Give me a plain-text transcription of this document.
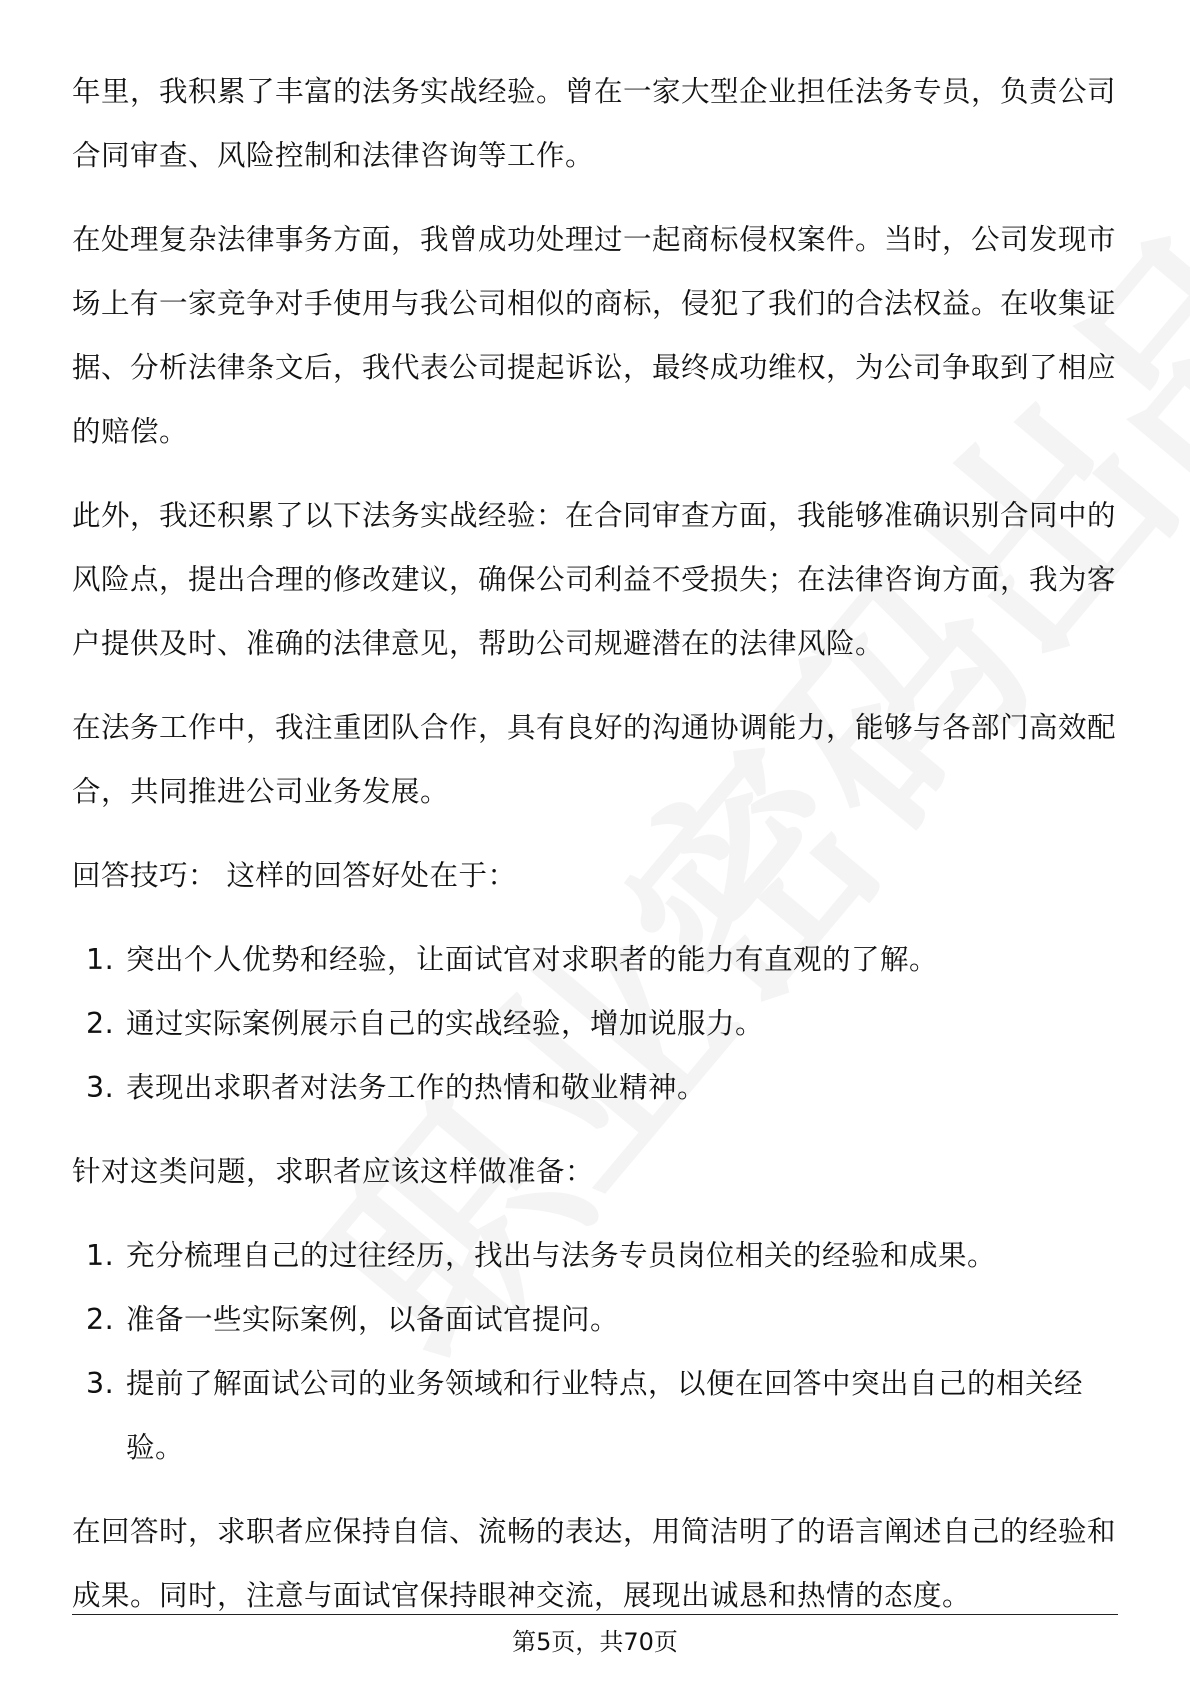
年里，我积累了丰富的法务实战经验。曾在一家大型企业担任法务专员，负责公司合同审查、风险控制和法律咨询等工作。

在处理复杂法律事务方面，我曾成功处理过一起商标侵权案件。当时，公司发现市场上有一家竞争对手使用与我公司相似的商标，侵犯了我们的合法权益。在收集证据、分析法律条文后，我代表公司提起诉讼，最终成功维权，为公司争取到了相应的赔偿。

此外，我还积累了以下法务实战经验：在合同审查方面，我能够准确识别合同中的风险点，提出合理的修改建议，确保公司利益不受损失；在法律咨询方面，我为客户提供及时、准确的法律意见，帮助公司规避潜在的法律风险。

在法务工作中，我注重团队合作，具有良好的沟通协调能力，能够与各部门高效配合，共同推进公司业务发展。

回答技巧： 这样的回答好处在于：

1. 突出个人优势和经验，让面试官对求职者的能力有直观的了解。
2. 通过实际案例展示自己的实战经验，增加说服力。
3. 表现出求职者对法务工作的热情和敬业精神。

针对这类问题，求职者应该这样做准备：

1. 充分梳理自己的过往经历，找出与法务专员岗位相关的经验和成果。
2. 准备一些实际案例，以备面试官提问。
3. 提前了解面试公司的业务领域和行业特点，以便在回答中突出自己的相关经验。

在回答时，求职者应保持自信、流畅的表达，用简洁明了的语言阐述自己的经验和成果。同时，注意与面试官保持眼神交流，展现出诚恳和热情的态度。

第5页，共70页
